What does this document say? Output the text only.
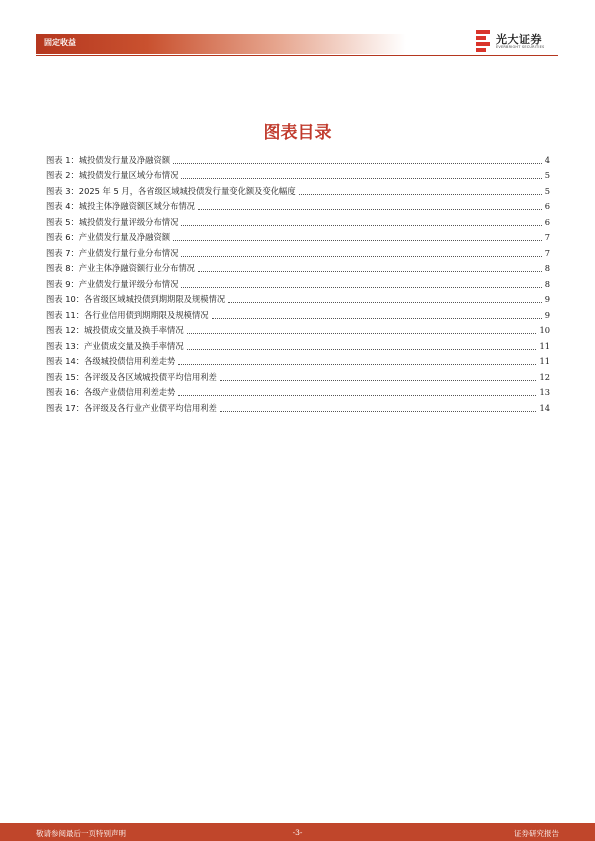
固定收益	光大证券
EVERBRIGHT SECURITIES
图表目录
图表 1：城投债发行量及净融资额	4
图表 2：城投债发行量区域分布情况	5
图表 3：2025 年 5 月，各省级区域城投债发行量变化额及变化幅度	5
图表 4：城投主体净融资额区域分布情况	6
图表 5：城投债发行量评级分布情况	6
图表 6：产业债发行量及净融资额	7
图表 7：产业债发行量行业分布情况	7
图表 8：产业主体净融资额行业分布情况	8
图表 9：产业债发行量评级分布情况	8
图表 10：各省级区域城投债到期期限及规模情况	9
图表 11：各行业信用债到期期限及规模情况	9
图表 12：城投债成交量及换手率情况	10
图表 13：产业债成交量及换手率情况	11
图表 14：各级城投债信用利差走势	11
图表 15：各评级及各区域城投债平均信用利差	12
图表 16：各级产业债信用利差走势	13
图表 17：各评级及各行业产业债平均信用利差	14
敬请参阅最后一页特别声明	-3-	证券研究报告
